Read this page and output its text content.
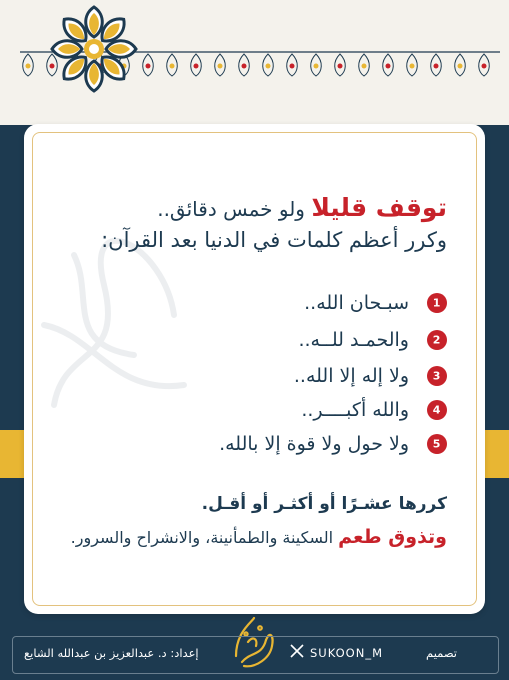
توقف قليلا ولو خمس دقائق..
وكرر أعظم كلمات في الدنيا بعد القرآن:
1
سبـحان الله..
2
والحمـد للــه..
3
ولا إله إلا الله..
4
والله أكبــــر..
5
ولا حول ولا قوة إلا بالله.
كررها عشـرًا أو أكثـر أو أقـل.
وتذوق طعم السكينة والطمأنينة، والانشراح والسرور.
إعداد: د. عبدالعزيز بن عبدالله الشايع	SUKOON_M	تصميم
